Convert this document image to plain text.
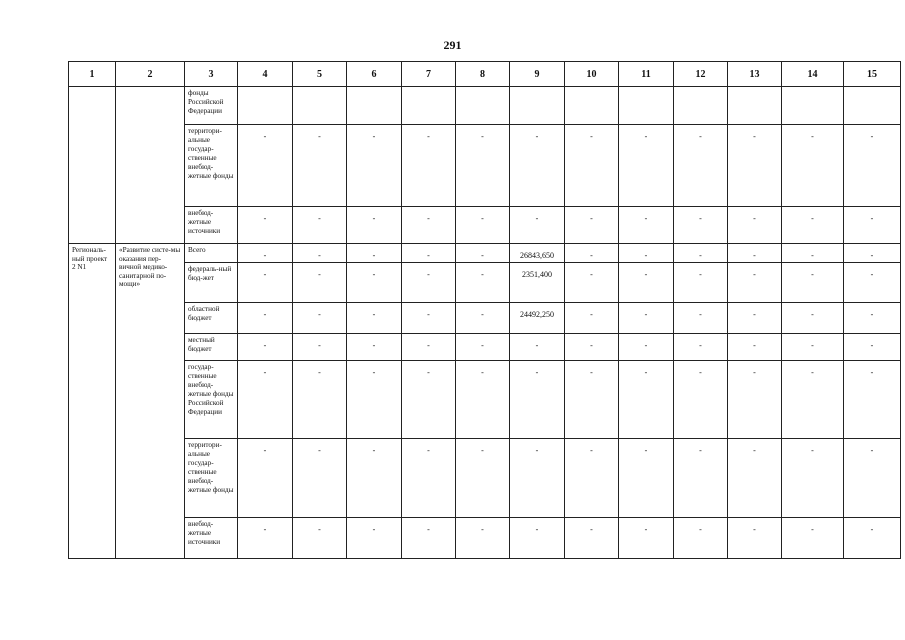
291
1	2	3	4	5	6	7	8	9	10	11	12	13	14	15
		фонды Российской Федерации												
		территори-альные государ-ственные внебюд-жетные фонды	-	-	-	-	-	-	-	-	-	-	-	-
		внебюд-жетные источники	-	-	-	-	-	-	-	-	-	-	-	-
Региональ-ный проект 2 N1	«Развитие систе-мы оказания пер-вичной медико-санитарной по-мощи»	Всего	-	-	-	-	-	26843,650	-	-	-	-	-	-
		федераль-ный бюд-жет	-	-	-	-	-	2351,400	-	-	-	-	-	-
		областной бюджет	-	-	-	-	-	24492,250	-	-	-	-	-	-
		местный бюджет	-	-	-	-	-	-	-	-	-	-	-	-
		государ-ственные внебюд-жетные фонды Российской Федерации	-	-	-	-	-	-	-	-	-	-	-	-
		территори-альные государ-ственные внебюд-жетные фонды	-	-	-	-	-	-	-	-	-	-	-	-
		внебюд-жетные источники	-	-	-	-	-	-	-	-	-	-	-	-
